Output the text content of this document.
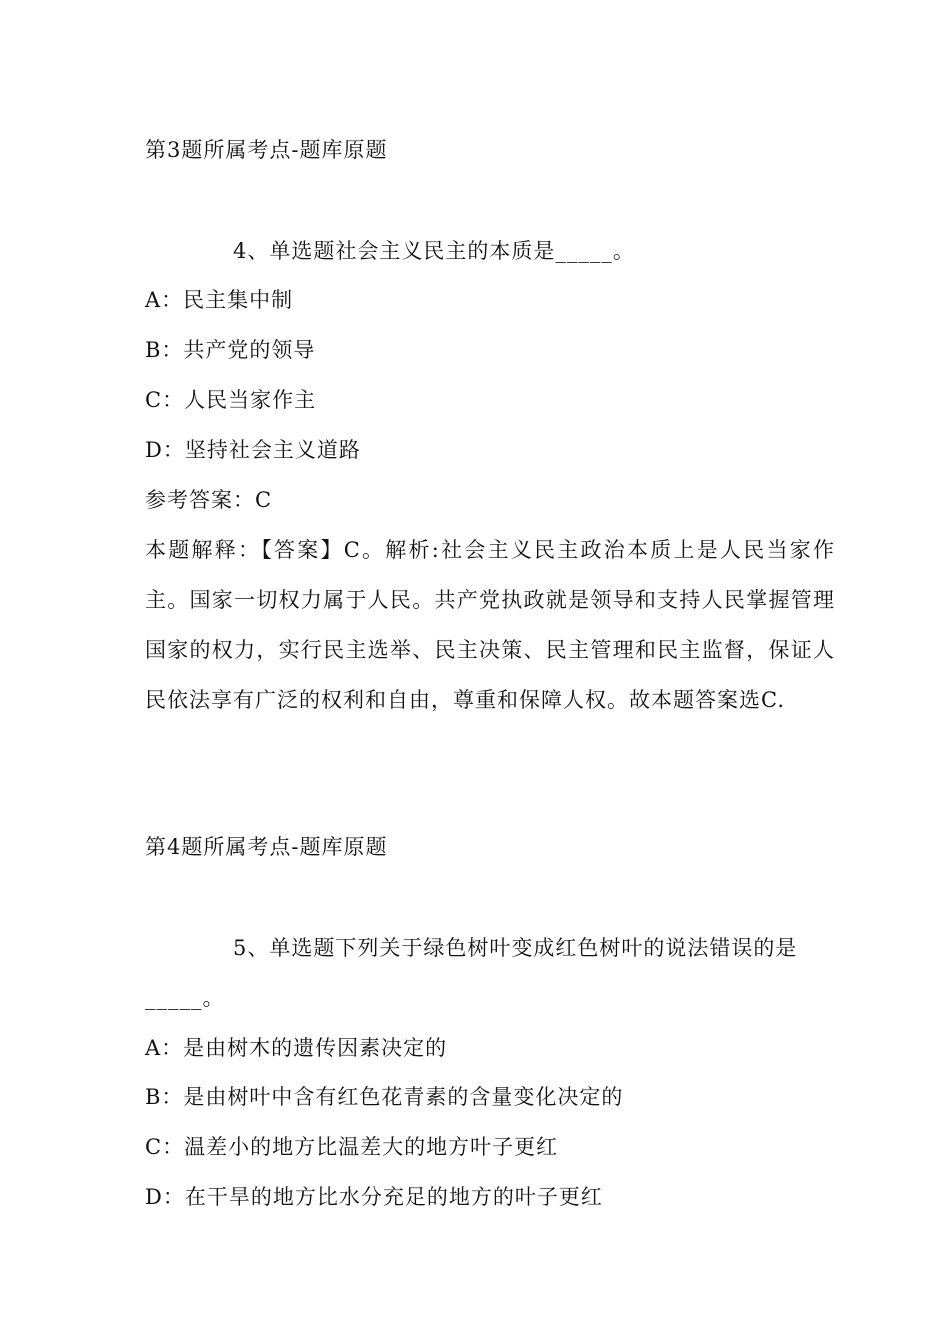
第3题所属考点-题库原题
4、单选题社会主义民主的本质是_____。
A：民主集中制
B：共产党的领导
C：人民当家作主
D：坚持社会主义道路
参考答案：C
本题解释：【答案】C。解析:社会主义民主政治本质上是人民当家作主。国家一切权力属于人民。共产党执政就是领导和支持人民掌握管理国家的权力，实行民主选举、民主决策、民主管理和民主监督，保证人民依法享有广泛的权利和自由，尊重和保障人权。故本题答案选C.
第4题所属考点-题库原题
5、单选题下列关于绿色树叶变成红色树叶的说法错误的是
_____。
A：是由树木的遗传因素决定的
B：是由树叶中含有红色花青素的含量变化决定的
C：温差小的地方比温差大的地方叶子更红
D：在干旱的地方比水分充足的地方的叶子更红
